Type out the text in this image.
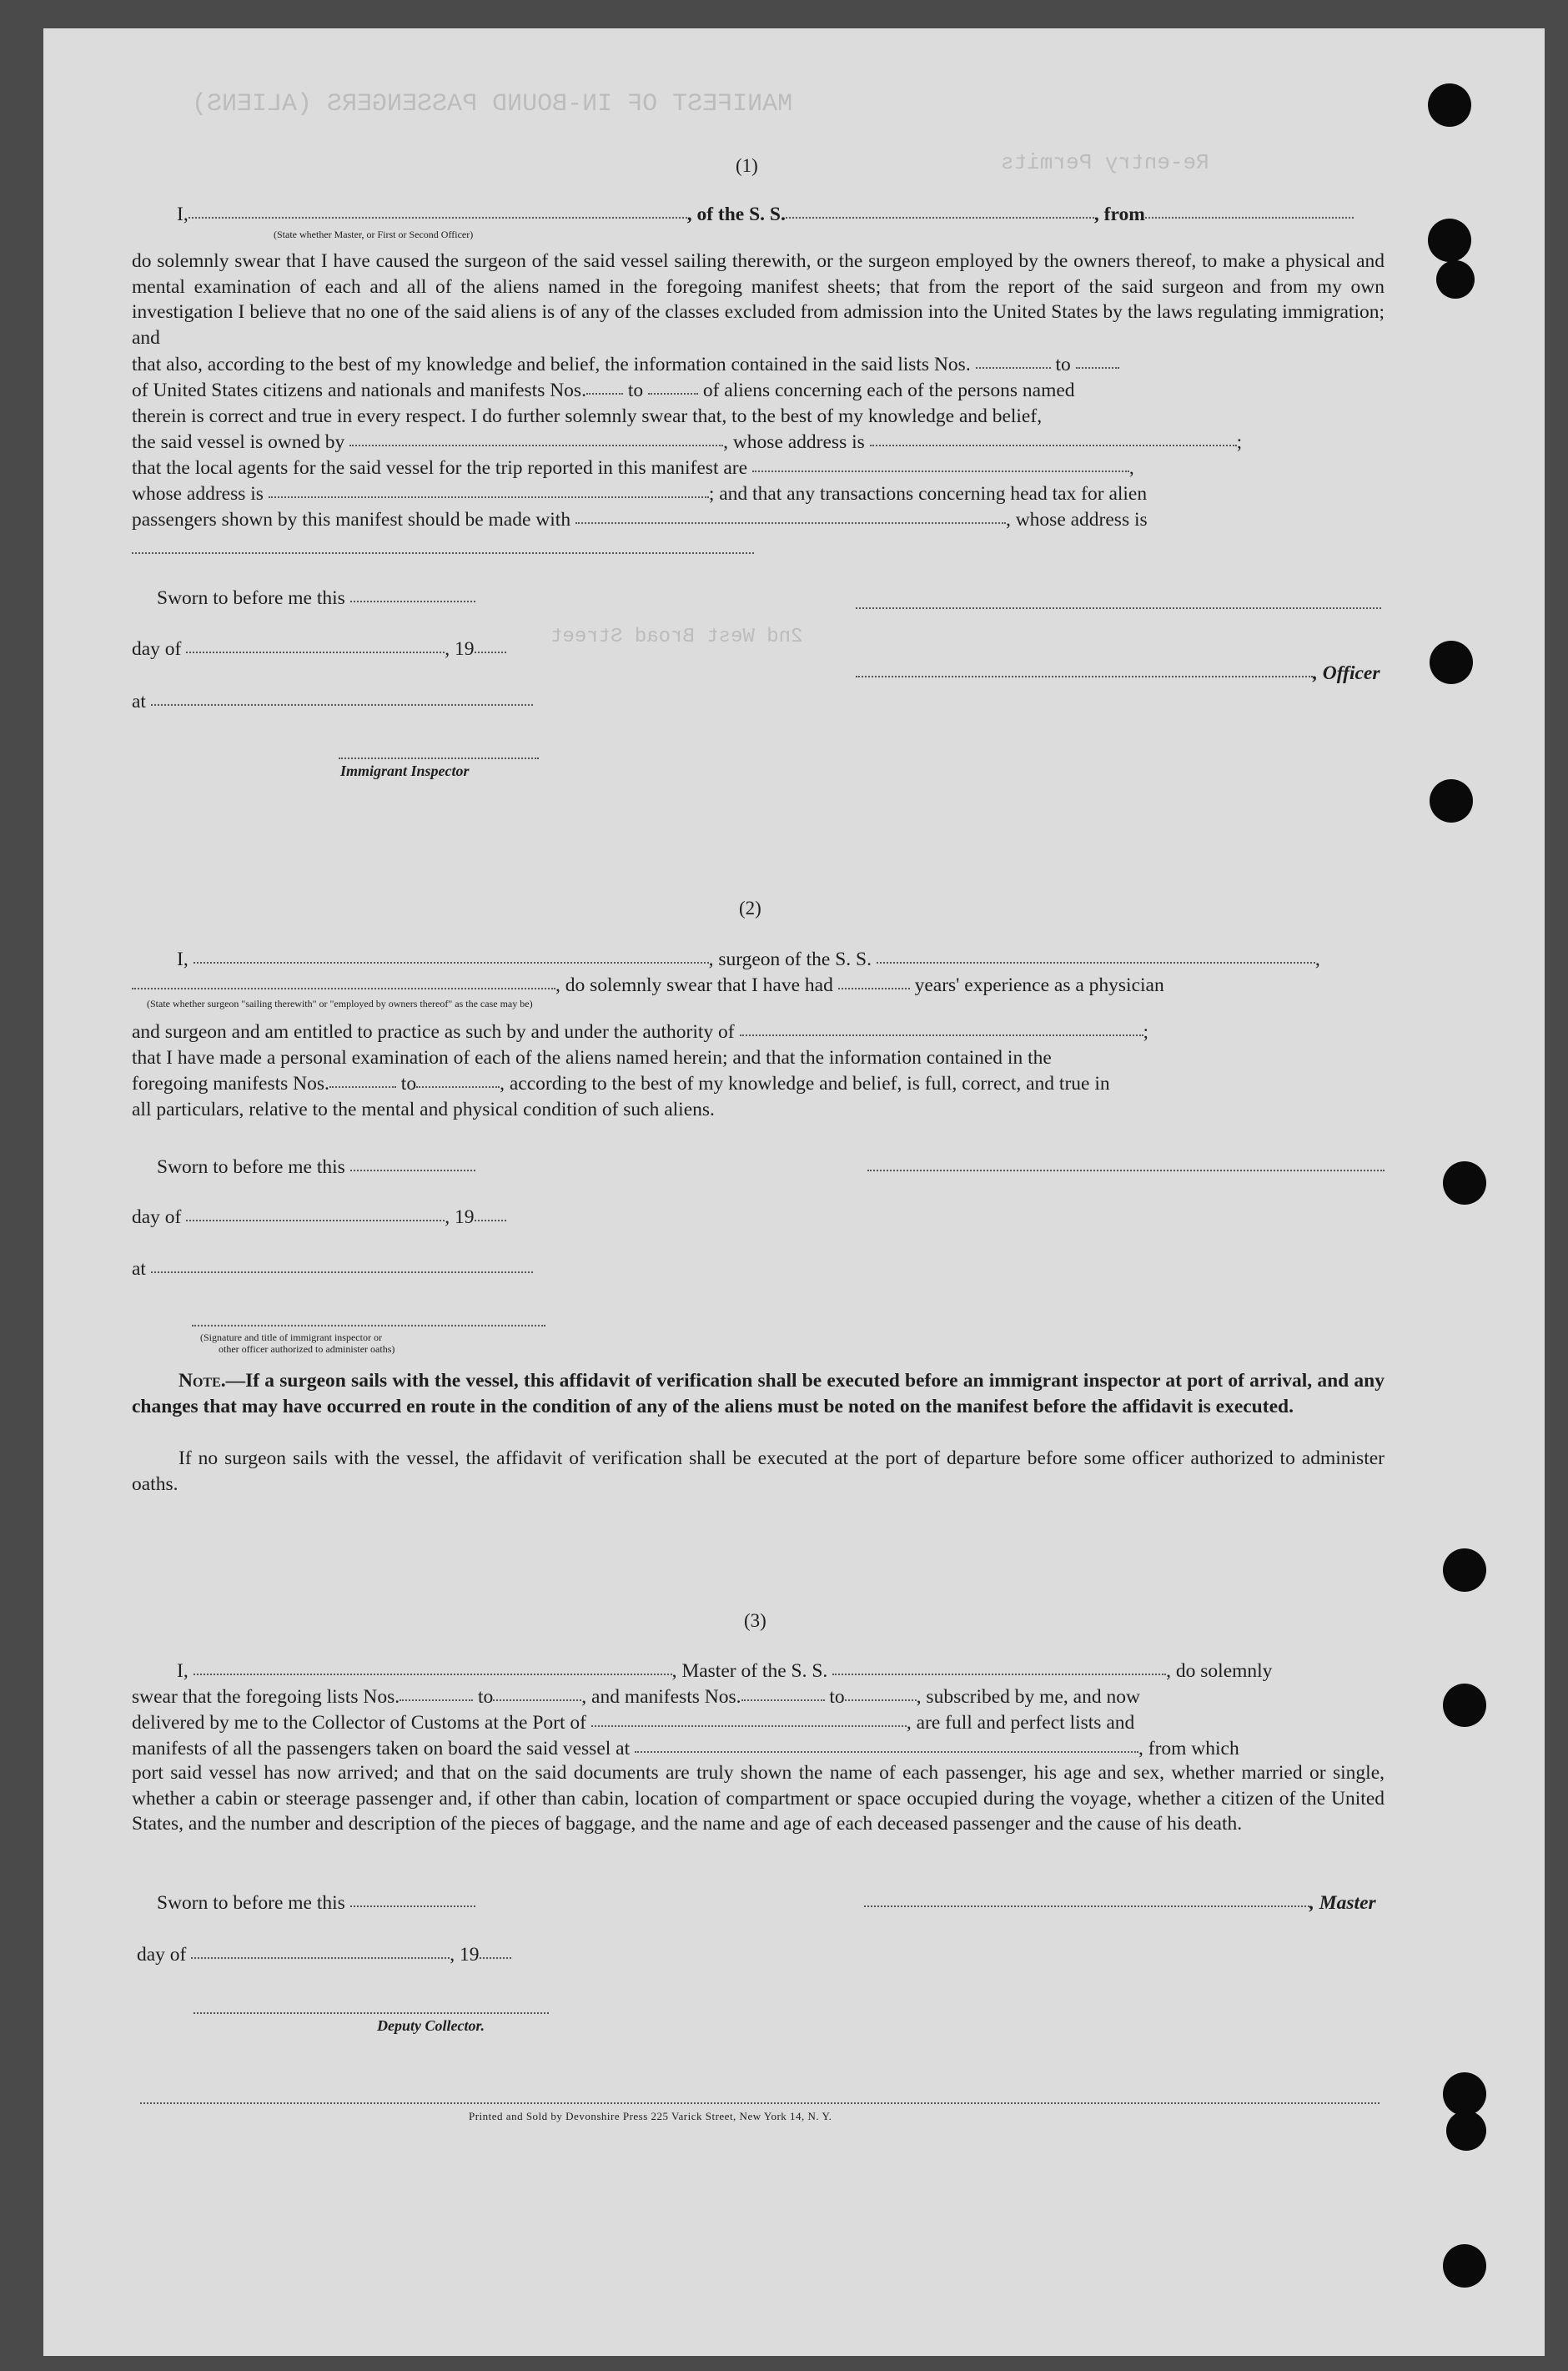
MANIFEST OF IN-BOUND PASSENGERS (ALIENS)
Re-entry Permits
2nd West Broad Street
(1)
I,	, of the S. S.	, from
(State whether Master, or First or Second Officer)
do solemnly swear that I have caused the surgeon of the said vessel sailing therewith, or the surgeon employed by the owners thereof, to make a physical and mental examination of each and all of the aliens named in the foregoing manifest sheets; that from the report of the said surgeon and from my own investigation I believe that no one of the said aliens is of any of the classes excluded from admission into the United States by the laws regulating immigration; and
that also, according to the best of my knowledge and belief, the information contained in the said lists Nos.	to
of United States citizens and nationals and manifests Nos. to	of aliens concerning each of the persons named
therein is correct and true in every respect. I do further solemnly swear that, to the best of my knowledge and belief,
the said vessel is owned by	, whose address is	;
that the local agents for the said vessel for the trip reported in this manifest are	,
whose address is	; and that any transactions concerning head tax for alien
passengers shown by this manifest should be made with	, whose address is
Sworn to before me this
day of	, 19
, Officer
at
Immigrant Inspector
(2)
I,	, surgeon of the S. S.	,
, do solemnly swear that I have had	years' experience as a physician
(State whether surgeon "sailing therewith" or "employed by owners thereof" as the case may be)
and surgeon and am entitled to practice as such by and under the authority of	;
that I have made a personal examination of each of the aliens named herein; and that the information contained in the
foregoing manifests Nos.	to	, according to the best of my knowledge and belief, is full, correct, and true in
all particulars, relative to the mental and physical condition of such aliens.
Sworn to before me this
day of	, 19
at
(Signature and title of immigrant inspector or
other officer authorized to administer oaths)
Note.—If a surgeon sails with the vessel, this affidavit of verification shall be executed before an immigrant inspector at port of arrival, and any changes that may have occurred en route in the condition of any of the aliens must be noted on the manifest before the affidavit is executed.
If no surgeon sails with the vessel, the affidavit of verification shall be executed at the port of departure before some officer authorized to administer oaths.
(3)
I,	, Master of the S. S.	, do solemnly
swear that the foregoing lists Nos.	to	, and manifests Nos.	to	, subscribed by me, and now
delivered by me to the Collector of Customs at the Port of	, are full and perfect lists and
manifests of all the passengers taken on board the said vessel at	, from which
port said vessel has now arrived; and that on the said documents are truly shown the name of each passenger, his age and sex, whether married or single, whether a cabin or steerage passenger and, if other than cabin, location of compartment or space occupied during the voyage, whether a citizen of the United States, and the number and description of the pieces of baggage, and the name and age of each deceased passenger and the cause of his death.
Sworn to before me this	, Master
day of	, 19
Deputy Collector.
Printed and Sold by Devonshire Press 225 Varick Street, New York 14, N. Y.
